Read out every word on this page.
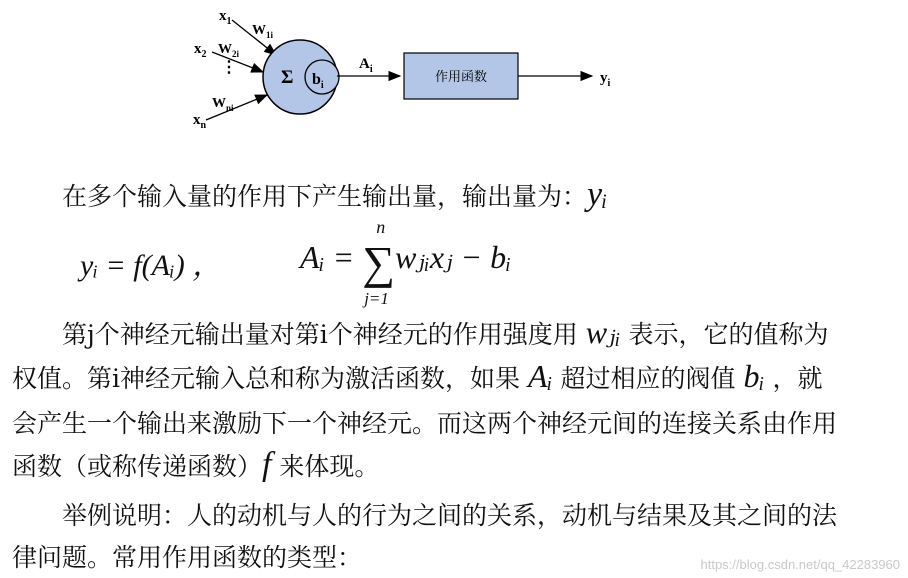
$x_1$
$W_{1i}$
$x_2$ $W_{2i}$
⋮
$W_{ni}$
$x_n$
Σ $b_i$
$A_i$
作用函数	$y_i$
在多个输入量的作用下产生输出量，输出量为：yᵢ
yᵢ = f(Aᵢ) ， Aᵢ =
n
∑
j=1
wⱼᵢxⱼ − bᵢ
第j个神经元输出量对第i个神经元的作用强度用 wⱼᵢ 表示，它的值称为
权值。第i神经元输入总和称为激活函数，如果 Aᵢ 超过相应的阀值 bᵢ ，就
会产生一个输出来激励下一个神经元。而这两个神经元间的连接关系由作用
函数（或称传递函数）f 来体现。
举例说明：人的动机与人的行为之间的关系，动机与结果及其之间的法
律问题。常用作用函数的类型：	https://blog.csdn.net/qq_42283960
